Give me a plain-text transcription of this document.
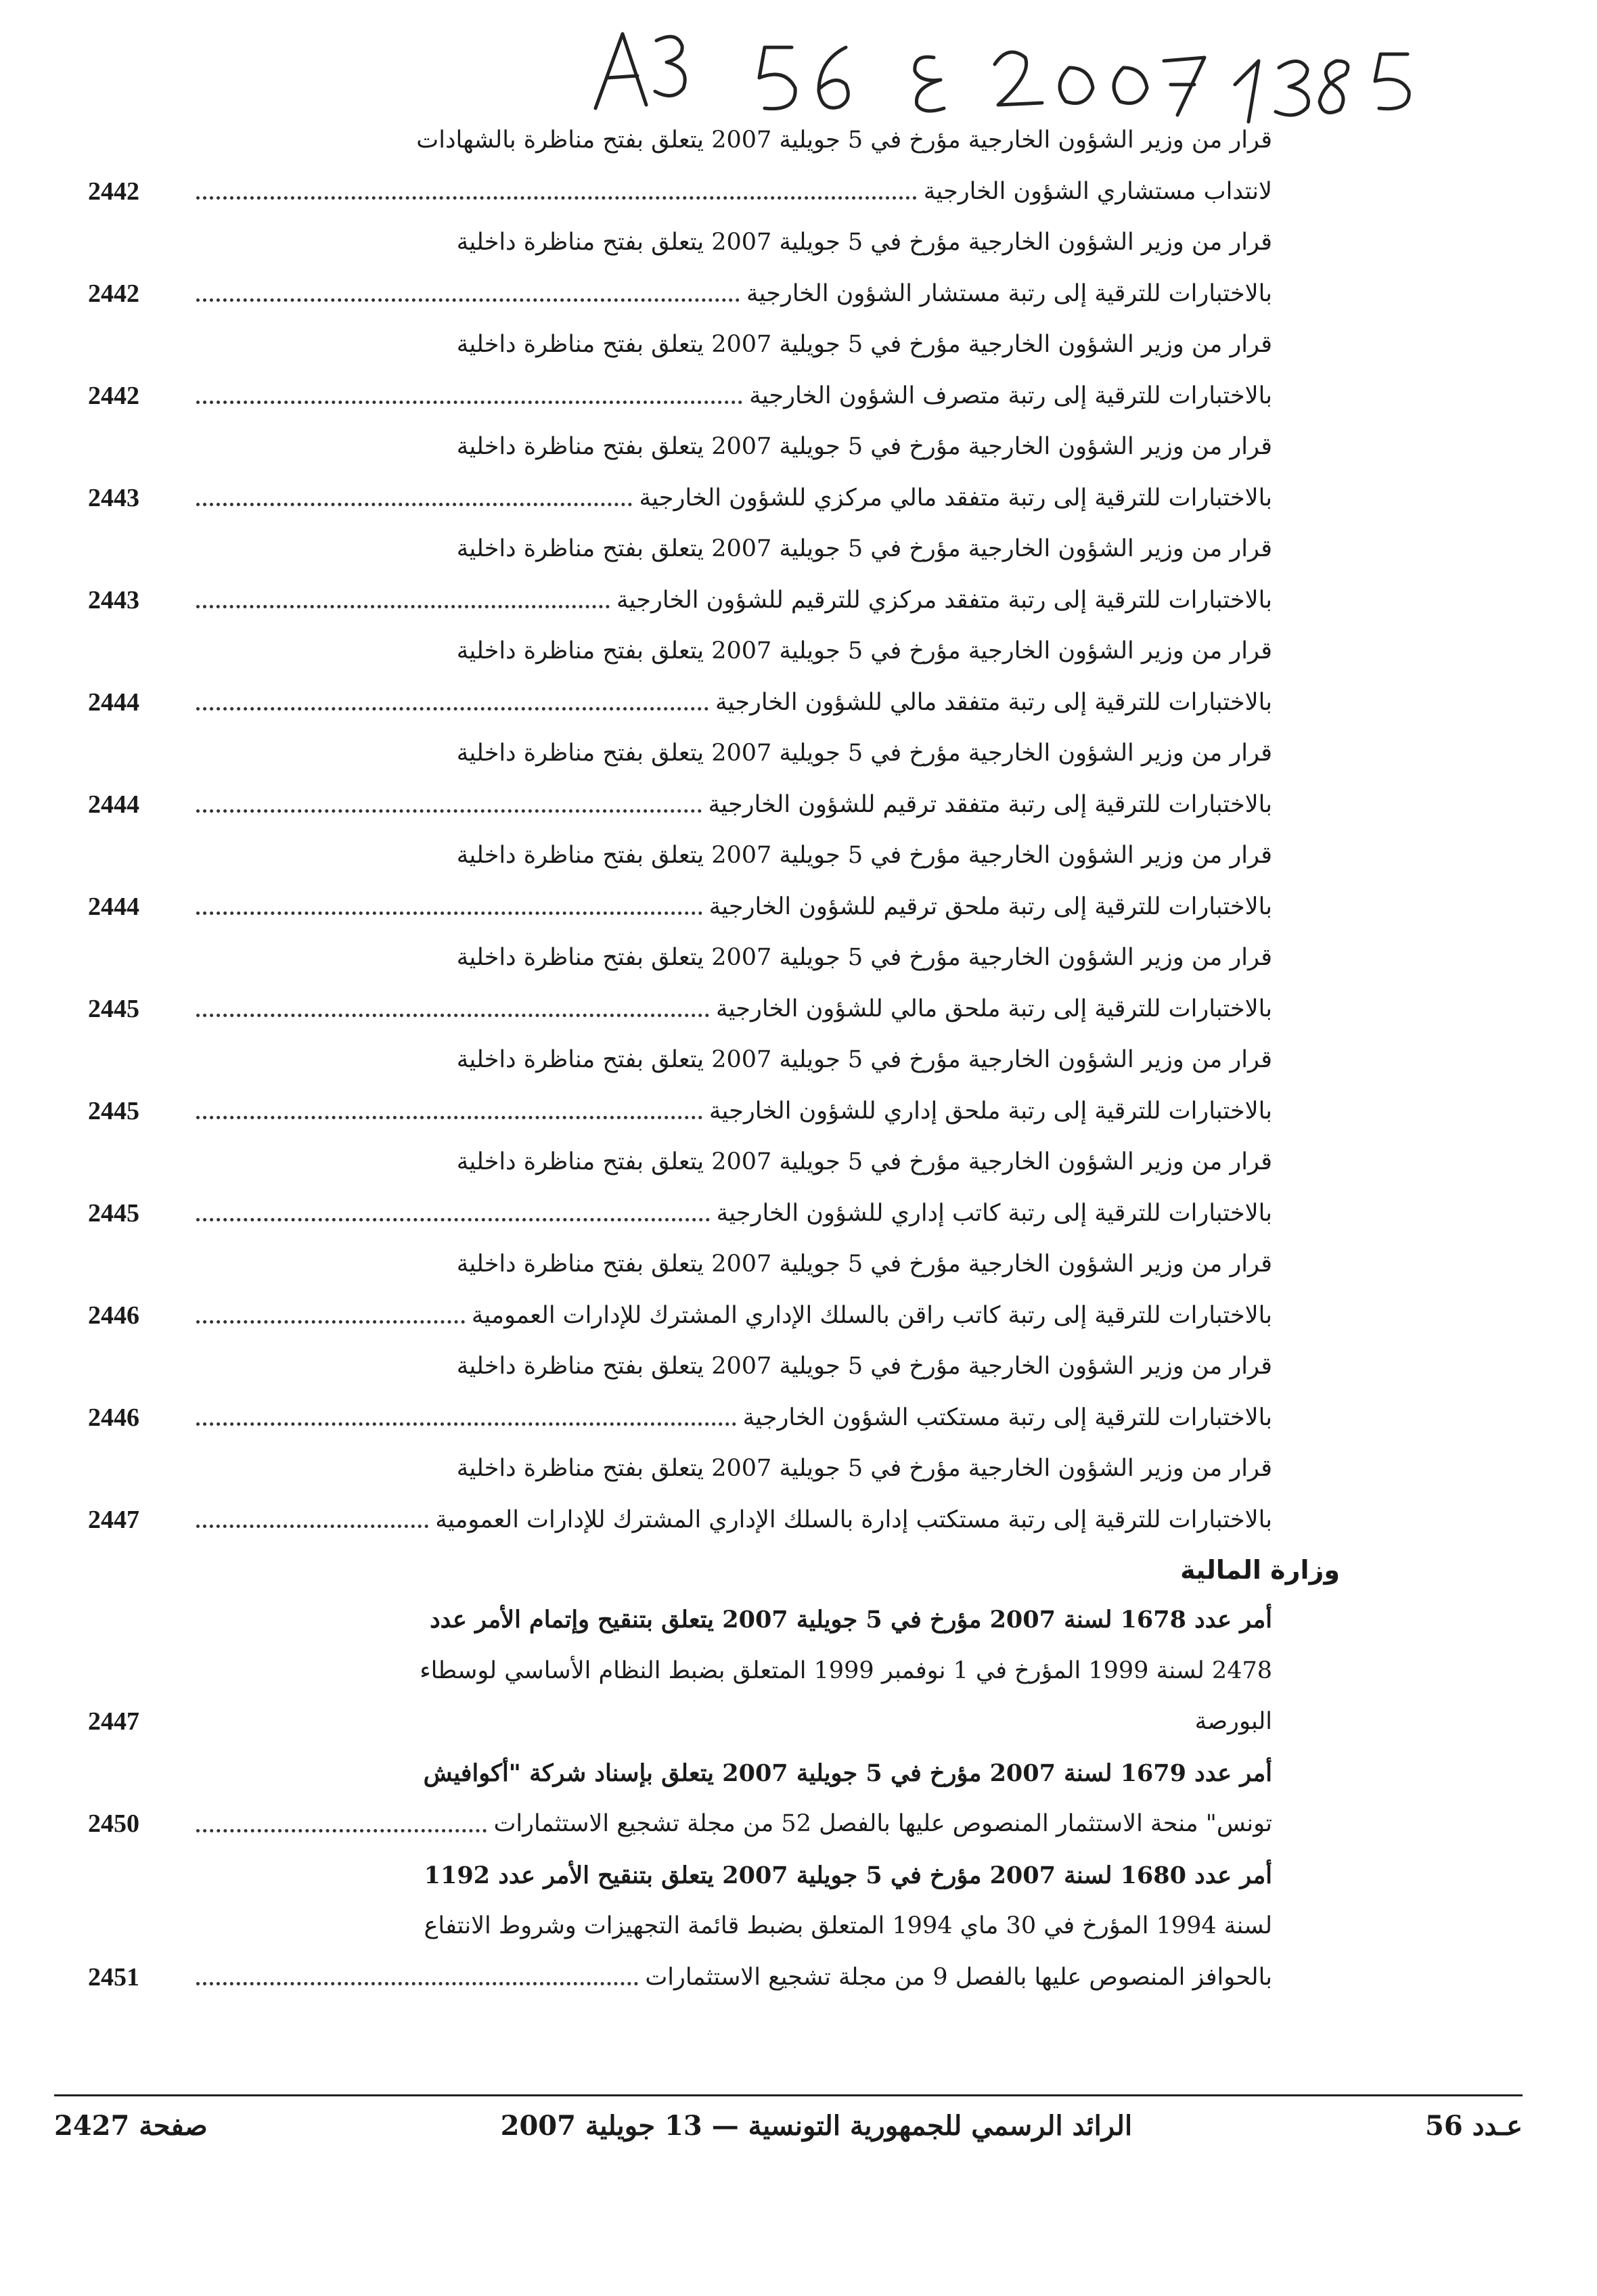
قرار من وزير الشؤون الخارجية مؤرخ في 5 جويلية 2007 يتعلق بفتح مناظرة بالشهادات
لانتداب مستشاري الشؤون الخارجية
2442
قرار من وزير الشؤون الخارجية مؤرخ في 5 جويلية 2007 يتعلق بفتح مناظرة داخلية
بالاختبارات للترقية إلى رتبة مستشار الشؤون الخارجية
2442
قرار من وزير الشؤون الخارجية مؤرخ في 5 جويلية 2007 يتعلق بفتح مناظرة داخلية
بالاختبارات للترقية إلى رتبة متصرف الشؤون الخارجية
2442
قرار من وزير الشؤون الخارجية مؤرخ في 5 جويلية 2007 يتعلق بفتح مناظرة داخلية
بالاختبارات للترقية إلى رتبة متفقد مالي مركزي للشؤون الخارجية
2443
قرار من وزير الشؤون الخارجية مؤرخ في 5 جويلية 2007 يتعلق بفتح مناظرة داخلية
بالاختبارات للترقية إلى رتبة متفقد مركزي للترقيم للشؤون الخارجية
2443
قرار من وزير الشؤون الخارجية مؤرخ في 5 جويلية 2007 يتعلق بفتح مناظرة داخلية
بالاختبارات للترقية إلى رتبة متفقد مالي للشؤون الخارجية
2444
قرار من وزير الشؤون الخارجية مؤرخ في 5 جويلية 2007 يتعلق بفتح مناظرة داخلية
بالاختبارات للترقية إلى رتبة متفقد ترقيم للشؤون الخارجية
2444
قرار من وزير الشؤون الخارجية مؤرخ في 5 جويلية 2007 يتعلق بفتح مناظرة داخلية
بالاختبارات للترقية إلى رتبة ملحق ترقيم للشؤون الخارجية
2444
قرار من وزير الشؤون الخارجية مؤرخ في 5 جويلية 2007 يتعلق بفتح مناظرة داخلية
بالاختبارات للترقية إلى رتبة ملحق مالي للشؤون الخارجية
2445
قرار من وزير الشؤون الخارجية مؤرخ في 5 جويلية 2007 يتعلق بفتح مناظرة داخلية
بالاختبارات للترقية إلى رتبة ملحق إداري للشؤون الخارجية
2445
قرار من وزير الشؤون الخارجية مؤرخ في 5 جويلية 2007 يتعلق بفتح مناظرة داخلية
بالاختبارات للترقية إلى رتبة كاتب إداري للشؤون الخارجية
2445
قرار من وزير الشؤون الخارجية مؤرخ في 5 جويلية 2007 يتعلق بفتح مناظرة داخلية
بالاختبارات للترقية إلى رتبة كاتب راقن بالسلك الإداري المشترك للإدارات العمومية
2446
قرار من وزير الشؤون الخارجية مؤرخ في 5 جويلية 2007 يتعلق بفتح مناظرة داخلية
بالاختبارات للترقية إلى رتبة مستكتب الشؤون الخارجية
2446
قرار من وزير الشؤون الخارجية مؤرخ في 5 جويلية 2007 يتعلق بفتح مناظرة داخلية
بالاختبارات للترقية إلى رتبة مستكتب إدارة بالسلك الإداري المشترك للإدارات العمومية
2447
وزارة المالية
أمر عدد 1678 لسنة 2007 مؤرخ في 5 جويلية 2007 يتعلق بتنقيح وإتمام الأمر عدد
2478 لسنة 1999 المؤرخ في 1 نوفمبر 1999 المتعلق بضبط النظام الأساسي لوسطاء
البورصة
2447
أمر عدد 1679 لسنة 2007 مؤرخ في 5 جويلية 2007 يتعلق بإسناد شركة "أكوافيش
تونس" منحة الاستثمار المنصوص عليها بالفصل 52 من مجلة تشجيع الاستثمارات
2450
أمر عدد 1680 لسنة 2007 مؤرخ في 5 جويلية 2007 يتعلق بتنقيح الأمر عدد 1192
لسنة 1994 المؤرخ في 30 ماي 1994 المتعلق بضبط قائمة التجهيزات وشروط الانتفاع
بالحوافز المنصوص عليها بالفصل 9 من مجلة تشجيع الاستثمارات
2451
عـدد 56
الرائد الرسمي للجمهورية التونسية — 13 جويلية 2007
صفحة 2427
